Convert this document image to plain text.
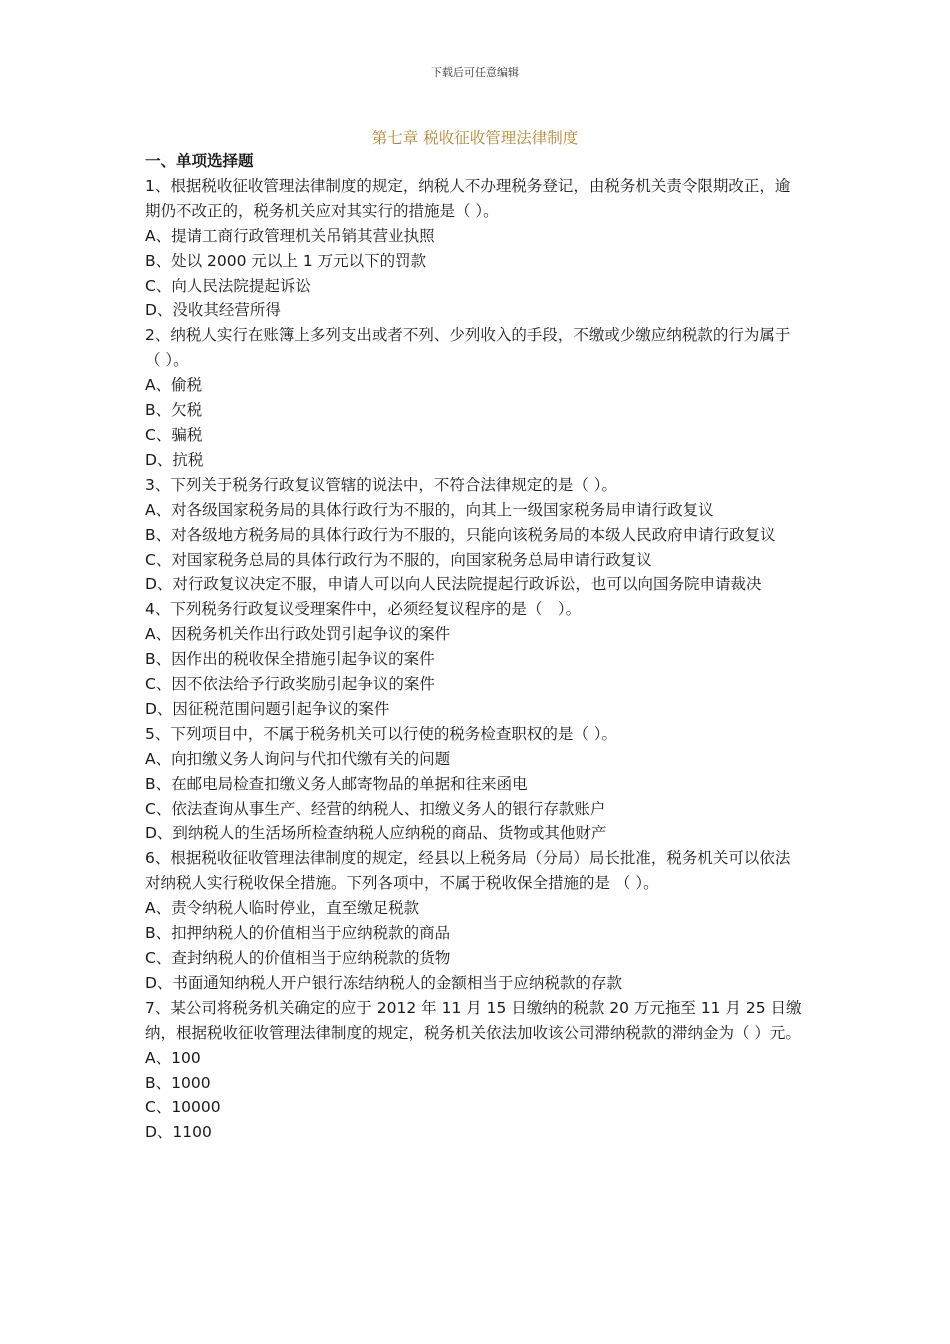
下载后可任意编辑
第七章 税收征收管理法律制度
一、单项选择题
1、根据税收征收管理法律制度的规定，纳税人不办理税务登记，由税务机关责令限期改正，逾期仍不改正的，税务机关应对其实行的措施是（ ）。
A、提请工商行政管理机关吊销其营业执照
B、处以 2000 元以上 1 万元以下的罚款
C、向人民法院提起诉讼
D、没收其经营所得
2、纳税人实行在账簿上多列支出或者不列、少列收入的手段，不缴或少缴应纳税款的行为属于（ ）。
A、偷税
B、欠税
C、骗税
D、抗税
3、下列关于税务行政复议管辖的说法中，不符合法律规定的是（ ）。
A、对各级国家税务局的具体行政行为不服的，向其上一级国家税务局申请行政复议
B、对各级地方税务局的具体行政行为不服的，只能向该税务局的本级人民政府申请行政复议
C、对国家税务总局的具体行政行为不服的，向国家税务总局申请行政复议
D、对行政复议决定不服，申请人可以向人民法院提起行政诉讼，也可以向国务院申请裁决
4、下列税务行政复议受理案件中，必须经复议程序的是（　）。
A、因税务机关作出行政处罚引起争议的案件
B、因作出的税收保全措施引起争议的案件
C、因不依法给予行政奖励引起争议的案件
D、因征税范围问题引起争议的案件
5、下列项目中，不属于税务机关可以行使的税务检查职权的是（ ）。
A、向扣缴义务人询问与代扣代缴有关的问题
B、在邮电局检查扣缴义务人邮寄物品的单据和往来函电
C、依法查询从事生产、经营的纳税人、扣缴义务人的银行存款账户
D、到纳税人的生活场所检查纳税人应纳税的商品、货物或其他财产
6、根据税收征收管理法律制度的规定，经县以上税务局（分局）局长批准，税务机关可以依法对纳税人实行税收保全措施。下列各项中，不属于税收保全措施的是 （ ）。
A、责令纳税人临时停业，直至缴足税款
B、扣押纳税人的价值相当于应纳税款的商品
C、查封纳税人的价值相当于应纳税款的货物
D、书面通知纳税人开户银行冻结纳税人的金额相当于应纳税款的存款
7、某公司将税务机关确定的应于 2012 年 11 月 15 日缴纳的税款 20 万元拖至 11 月 25 日缴纳，根据税收征收管理法律制度的规定，税务机关依法加收该公司滞纳税款的滞纳金为（ ）元。
A、100
B、1000
C、10000
D、1100
